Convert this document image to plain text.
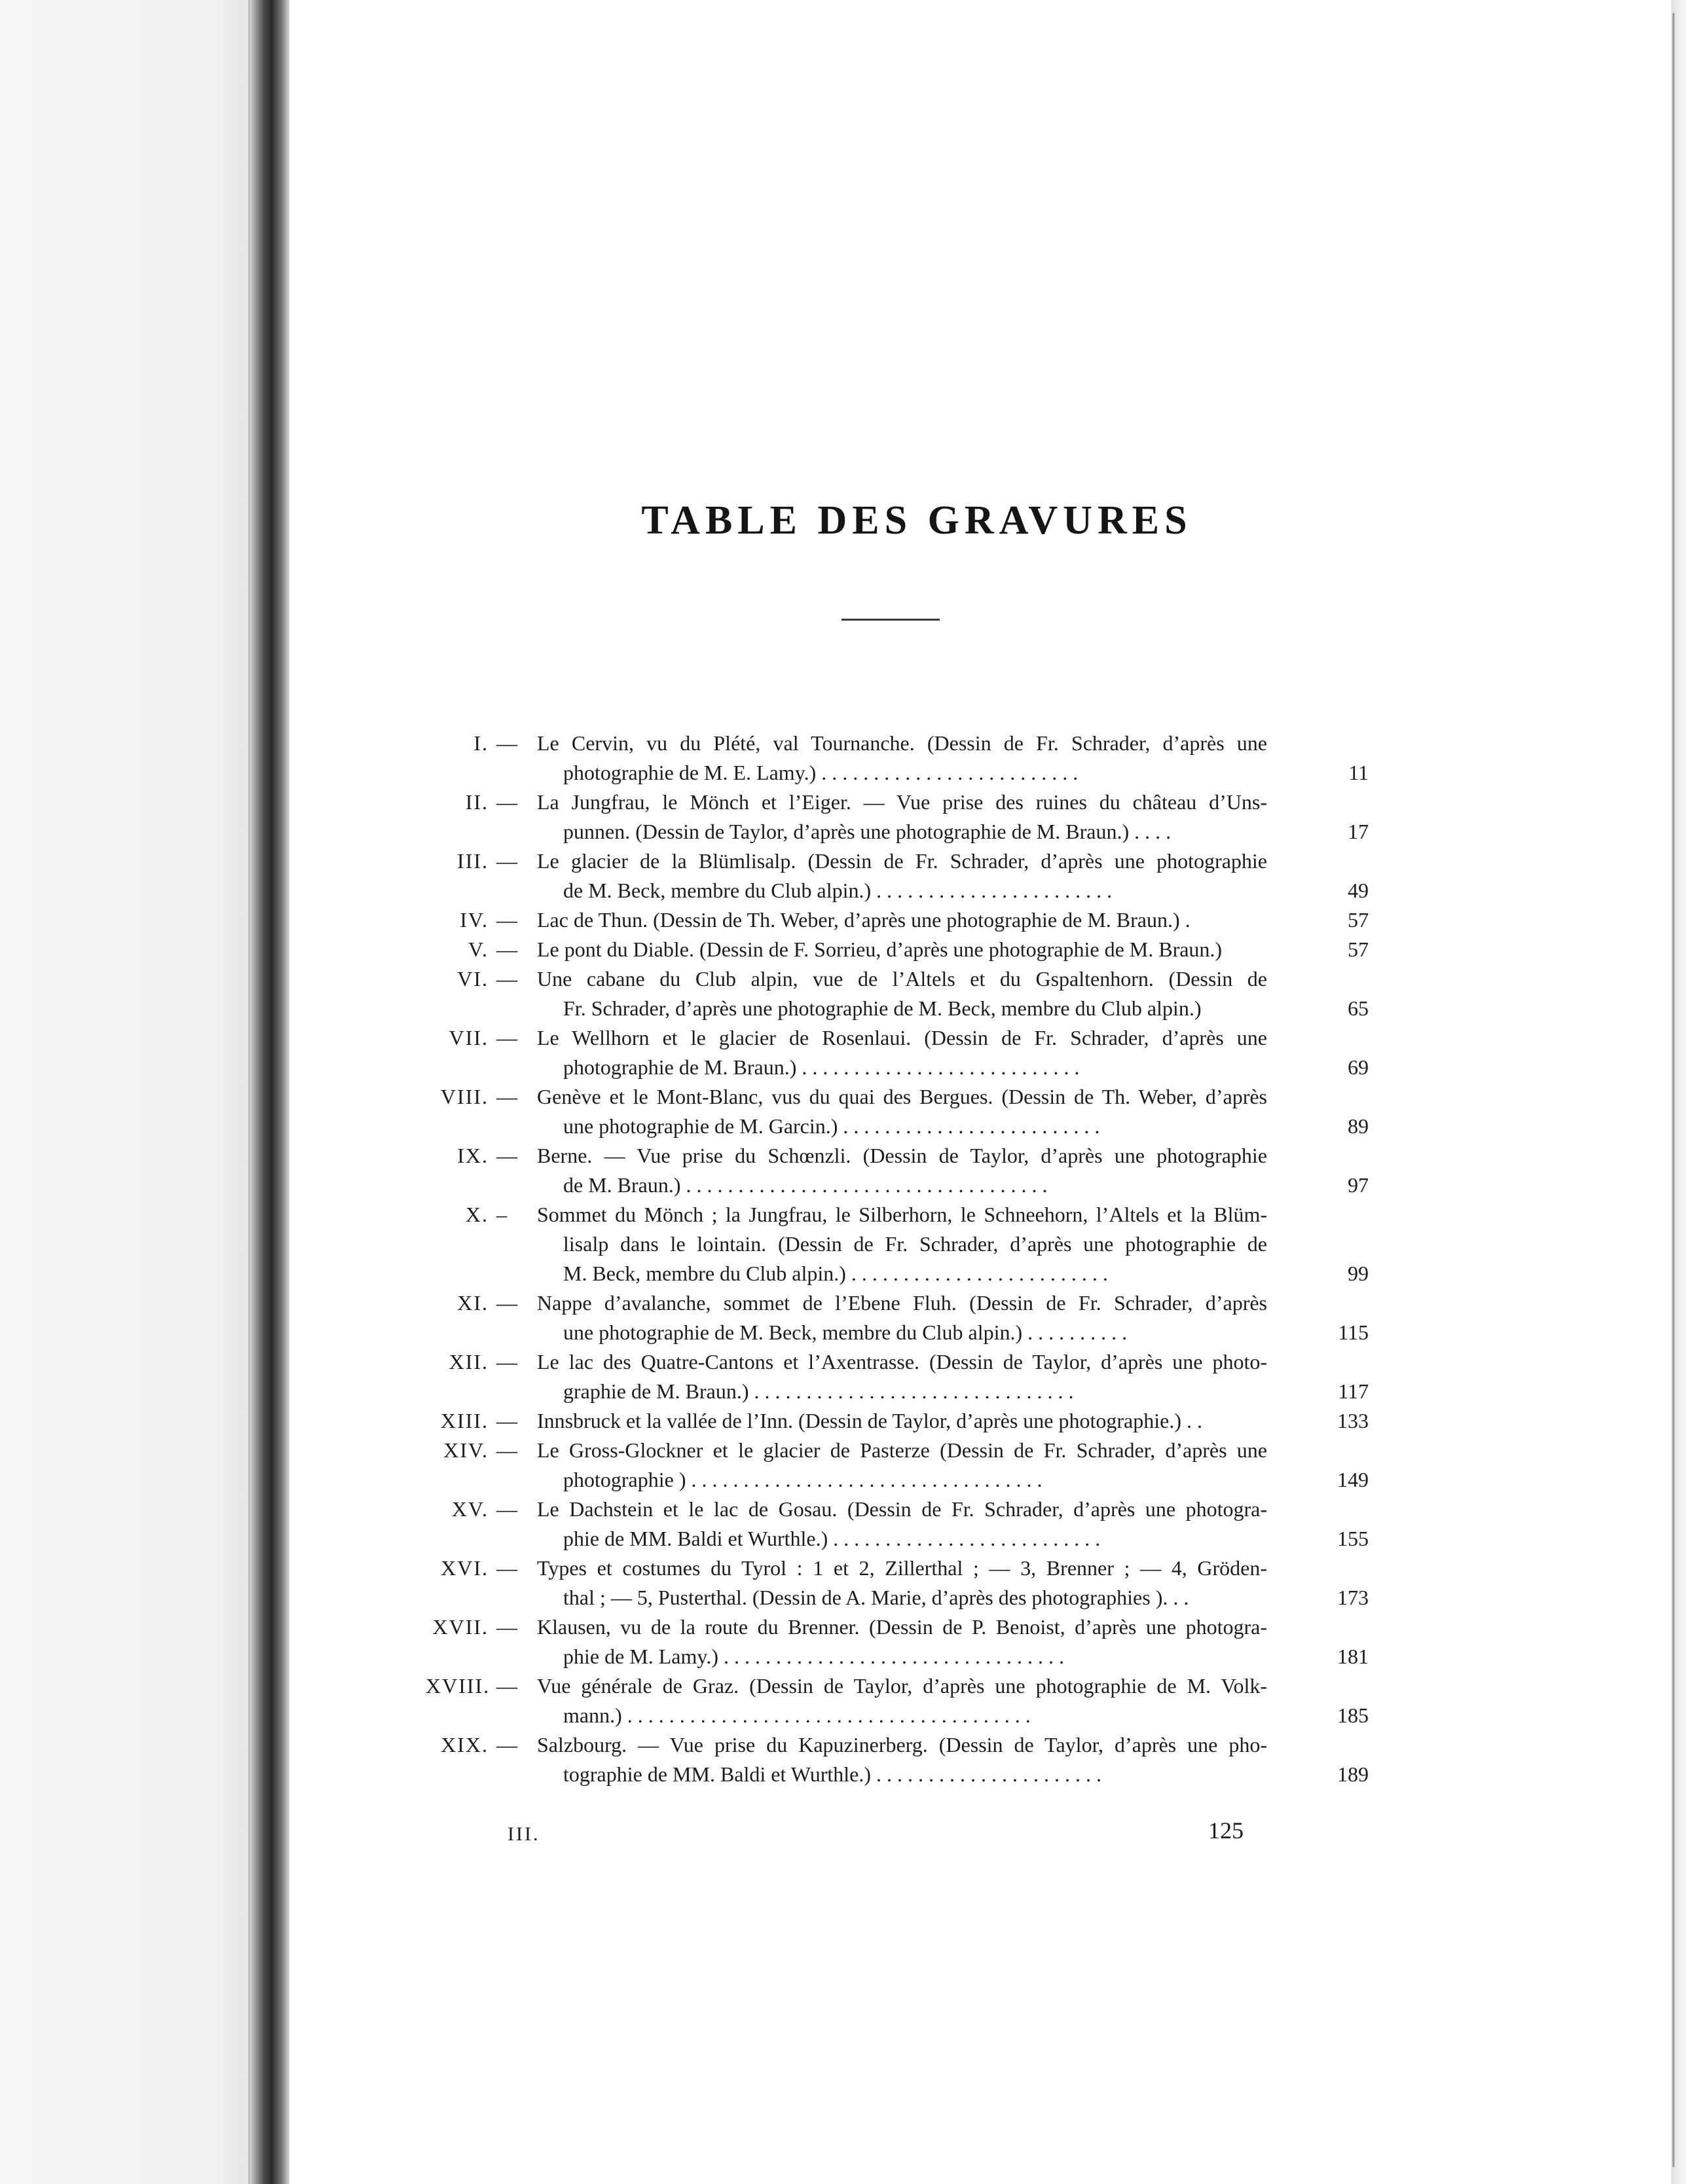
TABLE DES GRAVURES
I. — Le Cervin, vu du Plété, val Tournanche. (Dessin de Fr. Schrader, d’après une
photographie de M. E. Lamy.) . . . . . . . . . . . . . . . . . . . . . . . . .	11
II. — La Jungfrau, le Mönch et l’Eiger. — Vue prise des ruines du château d’Uns-
punnen. (Dessin de Taylor, d’après une photographie de M. Braun.) . . . .	17
III. — Le glacier de la Blümlisalp. (Dessin de Fr. Schrader, d’après une photographie
de M. Beck, membre du Club alpin.) . . . . . . . . . . . . . . . . . . . . . . .	49
IV. — Lac de Thun. (Dessin de Th. Weber, d’après une photographie de M. Braun.) .	57
V. — Le pont du Diable. (Dessin de F. Sorrieu, d’après une photographie de M. Braun.)	57
VI. — Une cabane du Club alpin, vue de l’Altels et du Gspaltenhorn. (Dessin de
Fr. Schrader, d’après une photographie de M. Beck, membre du Club alpin.)	65
VII. — Le Wellhorn et le glacier de Rosenlaui. (Dessin de Fr. Schrader, d’après une
photographie de M. Braun.) . . . . . . . . . . . . . . . . . . . . . . . . . . .	69
VIII. — Genève et le Mont-Blanc, vus du quai des Bergues. (Dessin de Th. Weber, d’après
une photographie de M. Garcin.) . . . . . . . . . . . . . . . . . . . . . . . . .	89
IX. — Berne. — Vue prise du Schœnzli. (Dessin de Taylor, d’après une photographie
de M. Braun.) . . . . . . . . . . . . . . . . . . . . . . . . . . . . . . . . . . .	97
X. –	Sommet du Mönch ; la Jungfrau, le Silberhorn, le Schneehorn, l’Altels et la Blüm-
lisalp dans le lointain. (Dessin de Fr. Schrader, d’après une photographie de
M. Beck, membre du Club alpin.) . . . . . . . . . . . . . . . . . . . . . . . . .	99
XI. — Nappe d’avalanche, sommet de l’Ebene Fluh. (Dessin de Fr. Schrader, d’après
une photographie de M. Beck, membre du Club alpin.) . . . . . . . . . .	115
XII. — Le lac des Quatre-Cantons et l’Axentrasse. (Dessin de Taylor, d’après une photo-
graphie de M. Braun.) . . . . . . . . . . . . . . . . . . . . . . . . . . . . . . .	117
XIII. — Innsbruck et la vallée de l’Inn. (Dessin de Taylor, d’après une photographie.) . .	133
XIV. — Le Gross-Glockner et le glacier de Pasterze (Dessin de Fr. Schrader, d’après une
photographie ) . . . . . . . . . . . . . . . . . . . . . . . . . . . . . . . . . .	149
XV. — Le Dachstein et le lac de Gosau. (Dessin de Fr. Schrader, d’après une photogra-
phie de MM. Baldi et Wurthle.) . . . . . . . . . . . . . . . . . . . . . . . . . .	155
XVI. — Types et costumes du Tyrol : 1 et 2, Zillerthal ; — 3, Brenner ; — 4, Gröden-
thal ; — 5, Pusterthal. (Dessin de A. Marie, d’après des photographies ). . .	173
XVII. — Klausen, vu de la route du Brenner. (Dessin de P. Benoist, d’après une photogra-
phie de M. Lamy.) . . . . . . . . . . . . . . . . . . . . . . . . . . . . . . . . .	181
XVIII. — Vue générale de Graz. (Dessin de Taylor, d’après une photographie de M. Volk-
mann.) . . . . . . . . . . . . . . . . . . . . . . . . . . . . . . . . . . . . . . .	185
XIX. — Salzbourg. — Vue prise du Kapuzinerberg. (Dessin de Taylor, d’après une pho-
tographie de MM. Baldi et Wurthle.) . . . . . . . . . . . . . . . . . . . . . .	189
III.	125
